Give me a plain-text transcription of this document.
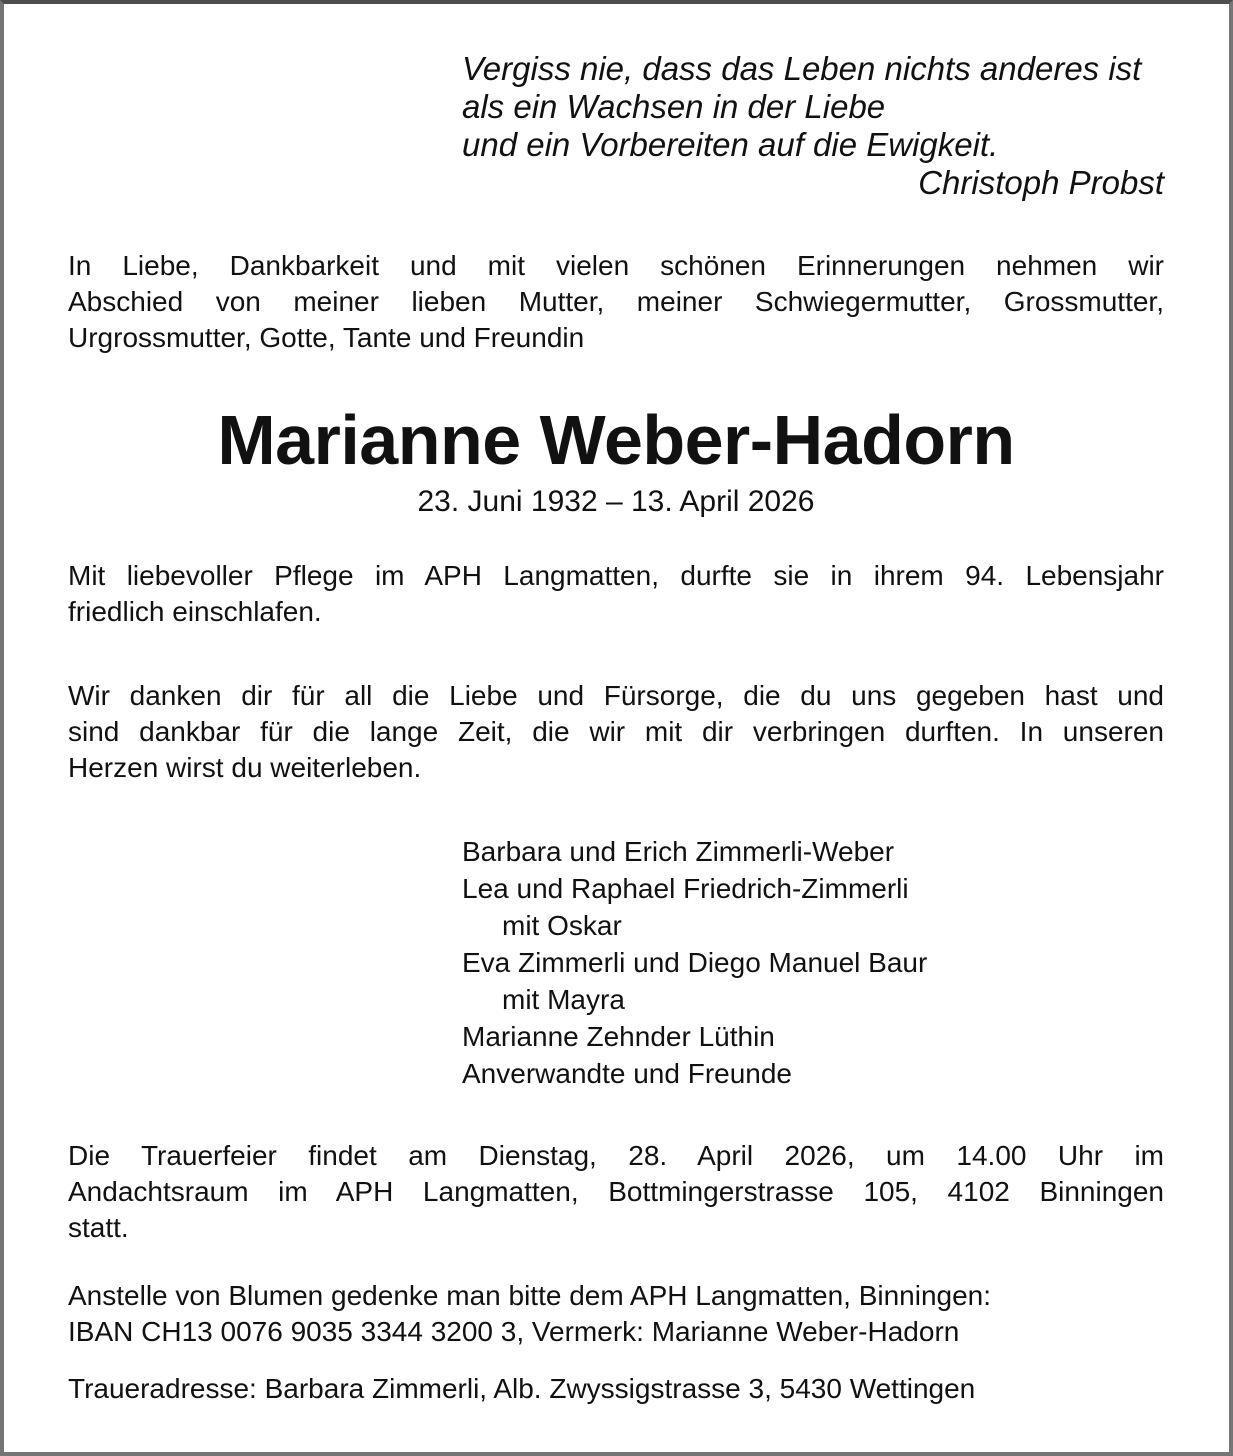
Vergiss nie, dass das Leben nichts anderes ist
als ein Wachsen in der Liebe
und ein Vorbereiten auf die Ewigkeit.
Christoph Probst
In Liebe, Dankbarkeit und mit vielen schönen Erinnerungen nehmen wir
Abschied von meiner lieben Mutter, meiner Schwiegermutter, Grossmutter,
Urgrossmutter, Gotte, Tante und Freundin
Marianne Weber-Hadorn
23. Juni 1932 – 13. April 2026
Mit liebevoller Pflege im APH Langmatten, durfte sie in ihrem 94. Lebensjahr
friedlich einschlafen.
Wir danken dir für all die Liebe und Fürsorge, die du uns gegeben hast und
sind dankbar für die lange Zeit, die wir mit dir verbringen durften. In unseren
Herzen wirst du weiterleben.
Barbara und Erich Zimmerli-Weber
Lea und Raphael Friedrich-Zimmerli
mit Oskar
Eva Zimmerli und Diego Manuel Baur
mit Mayra
Marianne Zehnder Lüthin
Anverwandte und Freunde
Die Trauerfeier findet am Dienstag, 28. April 2026, um 14.00 Uhr im
Andachtsraum im APH Langmatten, Bottmingerstrasse 105, 4102 Binningen
statt.
Anstelle von Blumen gedenke man bitte dem APH Langmatten, Binningen:
IBAN CH13 0076 9035 3344 3200 3, Vermerk: Marianne Weber-Hadorn
Traueradresse: Barbara Zimmerli, Alb. Zwyssigstrasse 3, 5430 Wettingen
